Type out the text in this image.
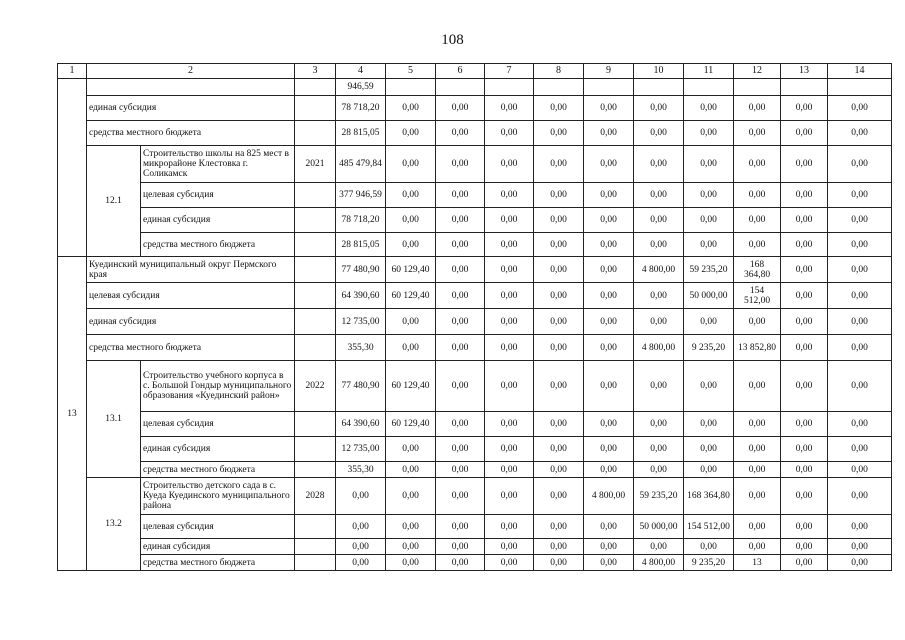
108
1	2		3	4	5	6	7	8	9	10	11	12	13	14
				946,59										
	единая субсидия			78 718,20	0,00	0,00	0,00	0,00	0,00	0,00	0,00	0,00	0,00	0,00
	средства местного бюджета			28 815,05	0,00	0,00	0,00	0,00	0,00	0,00	0,00	0,00	0,00	0,00
	12.1	Строительство школы на 825 мест в микрорайоне Клестовка г. Соликамск	2021	485 479,84	0,00	0,00	0,00	0,00	0,00	0,00	0,00	0,00	0,00	0,00
		целевая субсидия		377 946,59	0,00	0,00	0,00	0,00	0,00	0,00	0,00	0,00	0,00	0,00
		единая субсидия		78 718,20	0,00	0,00	0,00	0,00	0,00	0,00	0,00	0,00	0,00	0,00
		средства местного бюджета		28 815,05	0,00	0,00	0,00	0,00	0,00	0,00	0,00	0,00	0,00	0,00
13	Куединский муниципальный округ Пермского края			77 480,90	60 129,40	0,00	0,00	0,00	0,00	4 800,00	59 235,20	168 364,80	0,00	0,00
	целевая субсидия			64 390,60	60 129,40	0,00	0,00	0,00	0,00	0,00	50 000,00	154 512,00	0,00	0,00
	единая субсидия			12 735,00	0,00	0,00	0,00	0,00	0,00	0,00	0,00	0,00	0,00	0,00
	средства местного бюджета			355,30	0,00	0,00	0,00	0,00	0,00	4 800,00	9 235,20	13 852,80	0,00	0,00
	13.1	Строительство учебного корпуса в с. Большой Гондыр муниципального образования «Куединский район»	2022	77 480,90	60 129,40	0,00	0,00	0,00	0,00	0,00	0,00	0,00	0,00	0,00
		целевая субсидия		64 390,60	60 129,40	0,00	0,00	0,00	0,00	0,00	0,00	0,00	0,00	0,00
		единая субсидия		12 735,00	0,00	0,00	0,00	0,00	0,00	0,00	0,00	0,00	0,00	0,00
		средства местного бюджета		355,30	0,00	0,00	0,00	0,00	0,00	0,00	0,00	0,00	0,00	0,00
	13.2	Строительство детского сада в с. Куеда Куединского муниципального района	2028	0,00	0,00	0,00	0,00	0,00	4 800,00	59 235,20	168 364,80	0,00	0,00	0,00
		целевая субсидия		0,00	0,00	0,00	0,00	0,00	0,00	50 000,00	154 512,00	0,00	0,00	0,00
		единая субсидия		0,00	0,00	0,00	0,00	0,00	0,00	0,00	0,00	0,00	0,00	0,00
		средства местного бюджета		0,00	0,00	0,00	0,00	0,00	0,00	4 800,00	9 235,20	13	0,00	0,00
